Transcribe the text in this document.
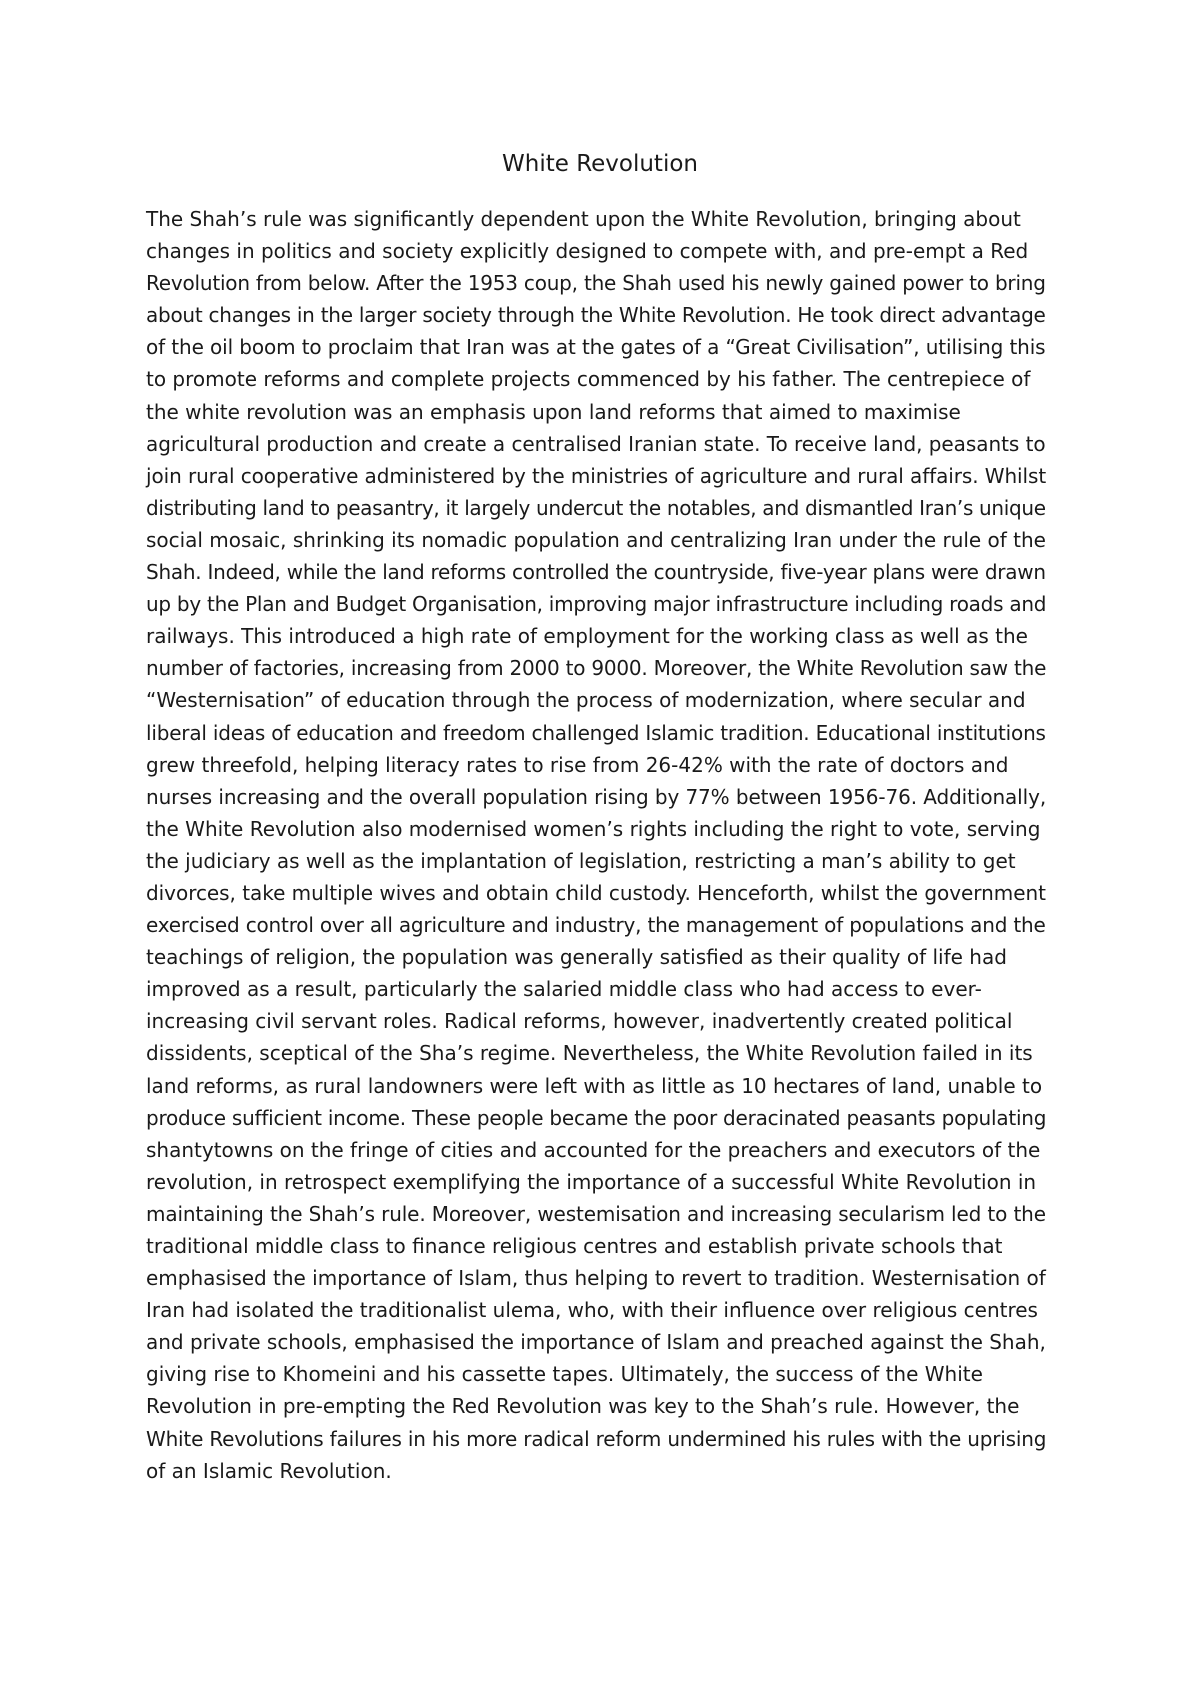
White Revolution
The Shah’s rule was significantly dependent upon the White Revolution, bringing about
changes in politics and society explicitly designed to compete with, and pre-empt a Red
Revolution from below. After the 1953 coup, the Shah used his newly gained power to bring
about changes in the larger society through the White Revolution. He took direct advantage
of the oil boom to proclaim that Iran was at the gates of a “Great Civilisation”, utilising this
to promote reforms and complete projects commenced by his father. The centrepiece of
the white revolution was an emphasis upon land reforms that aimed to maximise
agricultural production and create a centralised Iranian state. To receive land, peasants to
join rural cooperative administered by the ministries of agriculture and rural affairs. Whilst
distributing land to peasantry, it largely undercut the notables, and dismantled Iran’s unique
social mosaic, shrinking its nomadic population and centralizing Iran under the rule of the
Shah. Indeed, while the land reforms controlled the countryside, five-year plans were drawn
up by the Plan and Budget Organisation, improving major infrastructure including roads and
railways. This introduced a high rate of employment for the working class as well as the
number of factories, increasing from 2000 to 9000. Moreover, the White Revolution saw the
“Westernisation” of education through the process of modernization, where secular and
liberal ideas of education and freedom challenged Islamic tradition. Educational institutions
grew threefold, helping literacy rates to rise from 26-42% with the rate of doctors and
nurses increasing and the overall population rising by 77% between 1956-76. Additionally,
the White Revolution also modernised women’s rights including the right to vote, serving
the judiciary as well as the implantation of legislation, restricting a man’s ability to get
divorces, take multiple wives and obtain child custody. Henceforth, whilst the government
exercised control over all agriculture and industry, the management of populations and the
teachings of religion, the population was generally satisfied as their quality of life had
improved as a result, particularly the salaried middle class who had access to ever-
increasing civil servant roles. Radical reforms, however, inadvertently created political
dissidents, sceptical of the Sha’s regime. Nevertheless, the White Revolution failed in its
land reforms, as rural landowners were left with as little as 10 hectares of land, unable to
produce sufficient income. These people became the poor deracinated peasants populating
shantytowns on the fringe of cities and accounted for the preachers and executors of the
revolution, in retrospect exemplifying the importance of a successful White Revolution in
maintaining the Shah’s rule. Moreover, westemisation and increasing secularism led to the
traditional middle class to finance religious centres and establish private schools that
emphasised the importance of Islam, thus helping to revert to tradition. Westernisation of
Iran had isolated the traditionalist ulema, who, with their influence over religious centres
and private schools, emphasised the importance of Islam and preached against the Shah,
giving rise to Khomeini and his cassette tapes. Ultimately, the success of the White
Revolution in pre-empting the Red Revolution was key to the Shah’s rule. However, the
White Revolutions failures in his more radical reform undermined his rules with the uprising
of an Islamic Revolution.
